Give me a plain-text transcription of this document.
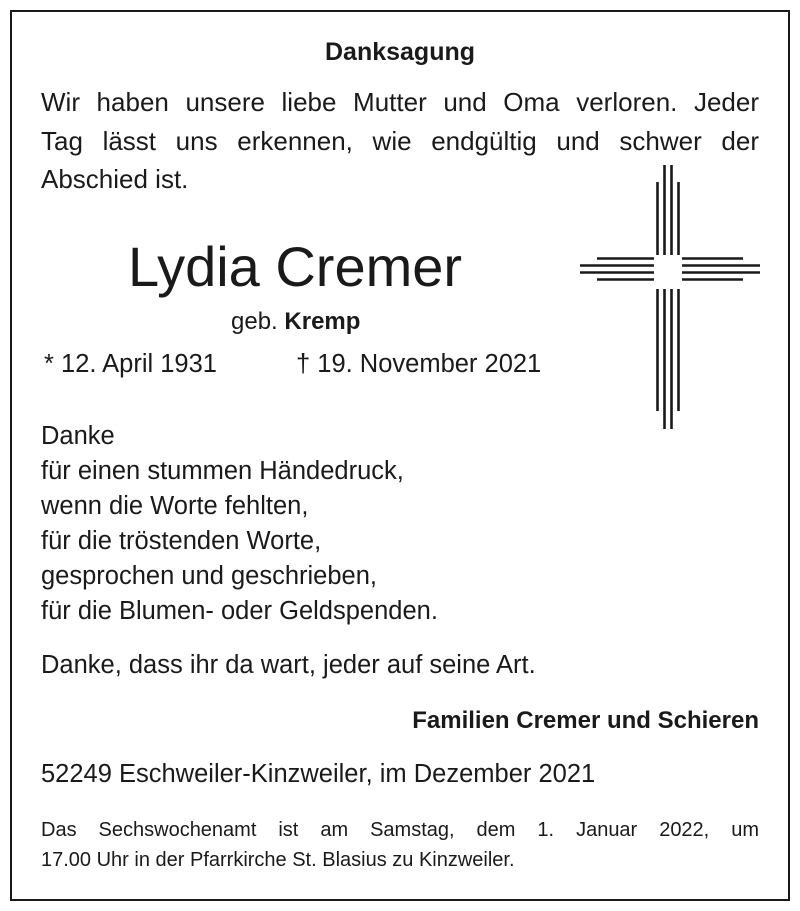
Danksagung
Wir haben unsere liebe Mutter und Oma verloren. Jeder
Tag lässt uns erkennen, wie endgültig und schwer der
Abschied ist.
Lydia Cremer
geb. Kremp
* 12. April 1931	† 19. November 2021
Danke
für einen stummen Händedruck,
wenn die Worte fehlten,
für die tröstenden Worte,
gesprochen und geschrieben,
für die Blumen- oder Geldspenden.
Danke, dass ihr da wart, jeder auf seine Art.
Familien Cremer und Schieren
52249 Eschweiler-Kinzweiler, im Dezember 2021
Das Sechswochenamt ist am Samstag, dem 1. Januar 2022, um
17.00 Uhr in der Pfarrkirche St. Blasius zu Kinzweiler.
